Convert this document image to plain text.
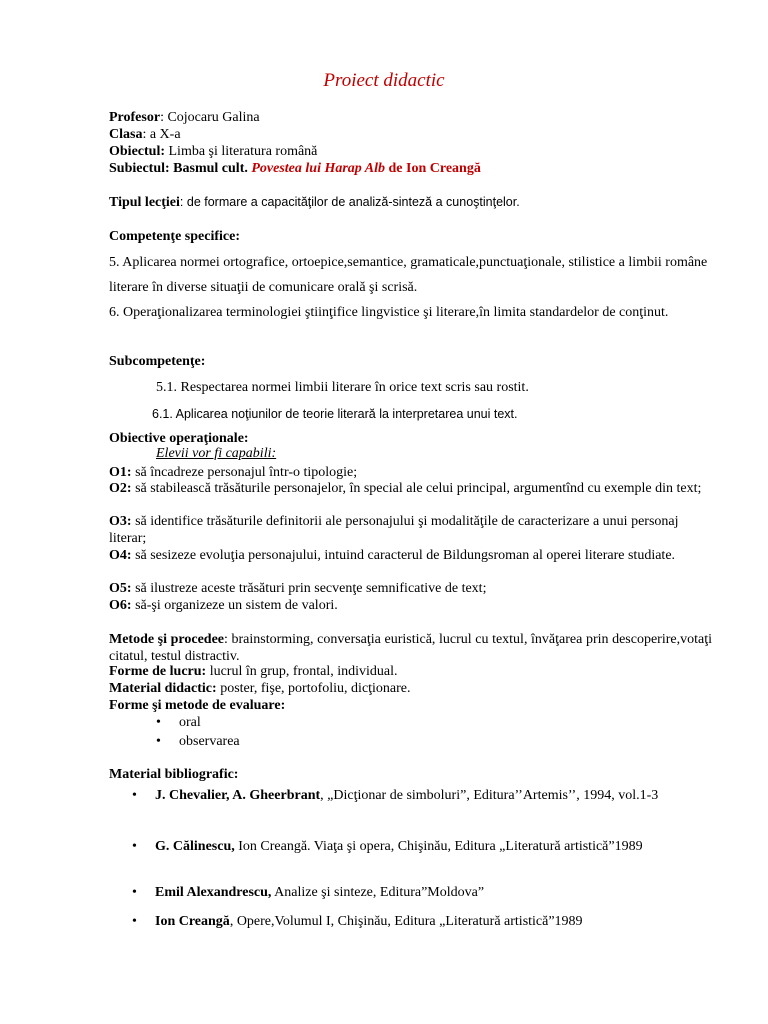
Proiect didactic
Profesor: Cojocaru Galina
Clasa: a X-a
Obiectul: Limba şi literatura română
Subiectul: Basmul cult. Povestea lui Harap Alb de Ion Creangă
Tipul lecţiei: de formare a capacităţilor de analiză-sinteză a cunoştinţelor.
Competenţe specifice:
5. Aplicarea normei ortografice, ortoepice,semantice, gramaticale,punctuaţionale, stilistice a limbii române literare în diverse situaţii de comunicare orală şi scrisă.
6. Operaţionalizarea terminologiei ştiinţifice lingvistice şi literare,în limita standardelor de conţinut.
Subcompetenţe:
5.1. Respectarea normei limbii literare în orice text scris sau rostit.
6.1. Aplicarea noţiunilor de teorie literară la interpretarea unui text.
Obiective operaţionale:
Elevii vor fi capabili:
O1: să încadreze personajul într-o tipologie;
O2: să stabilească trăsăturile personajelor, în special ale celui principal, argumentînd cu exemple din text;
O3: să identifice trăsăturile definitorii ale personajului şi modalităţile de caracterizare a unui personaj literar;
O4: să sesizeze evoluţia personajului, intuind caracterul de Bildungsroman al operei literare studiate.
O5: să ilustreze aceste trăsături prin secvenţe semnificative de text;
O6: să-şi organizeze un sistem de valori.
Metode şi procedee: brainstorming, conversaţia euristică, lucrul cu textul, învăţarea prin descoperire,votaţi citatul, testul distractiv.
Forme de lucru: lucrul în grup, frontal, individual.
Material didactic: poster, fişe, portofoliu, dicţionare.
Forme şi metode de evaluare:
• oral
• observarea
Material bibliografic:
• J. Chevalier, A. Gheerbrant, „Dicţionar de simboluri”, Editura’’Artemis’’, 1994, vol.1-3
• G. Călinescu, Ion Creangă. Viaţa şi opera, Chişinău, Editura „Literatură artistică”1989
• Emil Alexandrescu, Analize şi sinteze, Editura”Moldova”
• Ion Creangă, Opere,Volumul I, Chişinău, Editura „Literatură artistică”1989
